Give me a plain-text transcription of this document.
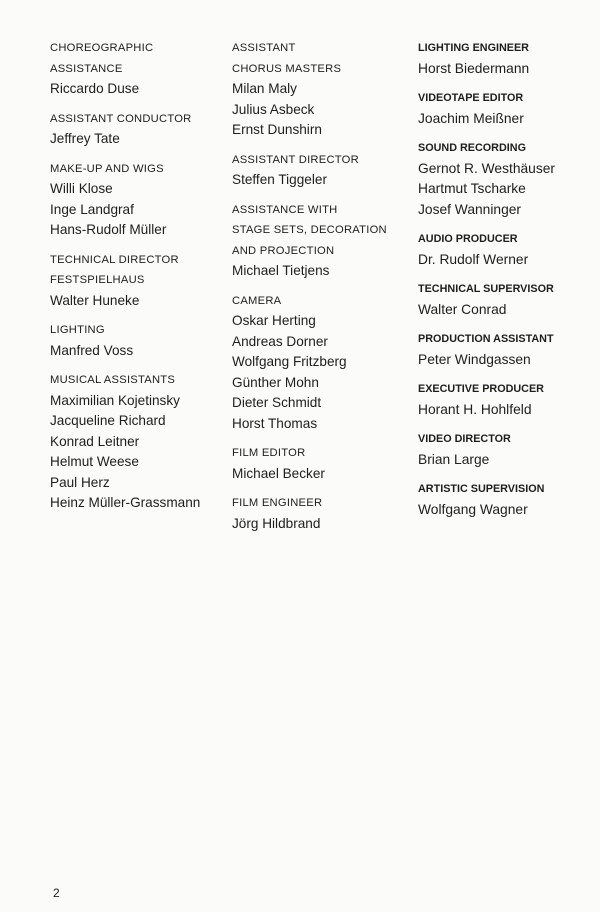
CHOREOGRAPHIC
ASSISTANCE
Riccardo Duse
ASSISTANT CONDUCTOR
Jeffrey Tate
MAKE-UP AND WIGS
Willi Klose
Inge Landgraf
Hans-Rudolf Müller
TECHNICAL DIRECTOR
FESTSPIELHAUS
Walter Huneke
LIGHTING
Manfred Voss
MUSICAL ASSISTANTS
Maximilian Kojetinsky
Jacqueline Richard
Konrad Leitner
Helmut Weese
Paul Herz
Heinz Müller-Grassmann
ASSISTANT
CHORUS MASTERS
Milan Maly
Julius Asbeck
Ernst Dunshirn
ASSISTANT DIRECTOR
Steffen Tiggeler
ASSISTANCE WITH
STAGE SETS, DECORATION
AND PROJECTION
Michael Tietjens
CAMERA
Oskar Herting
Andreas Dorner
Wolfgang Fritzberg
Günther Mohn
Dieter Schmidt
Horst Thomas
FILM EDITOR
Michael Becker
FILM ENGINEER
Jörg Hildbrand
LIGHTING ENGINEER
Horst Biedermann
VIDEOTAPE EDITOR
Joachim Meißner
SOUND RECORDING
Gernot R. Westhäuser
Hartmut Tscharke
Josef Wanninger
AUDIO PRODUCER
Dr. Rudolf Werner
TECHNICAL SUPERVISOR
Walter Conrad
PRODUCTION ASSISTANT
Peter Windgassen
EXECUTIVE PRODUCER
Horant H. Hohlfeld
VIDEO DIRECTOR
Brian Large
ARTISTIC SUPERVISION
Wolfgang Wagner
2
